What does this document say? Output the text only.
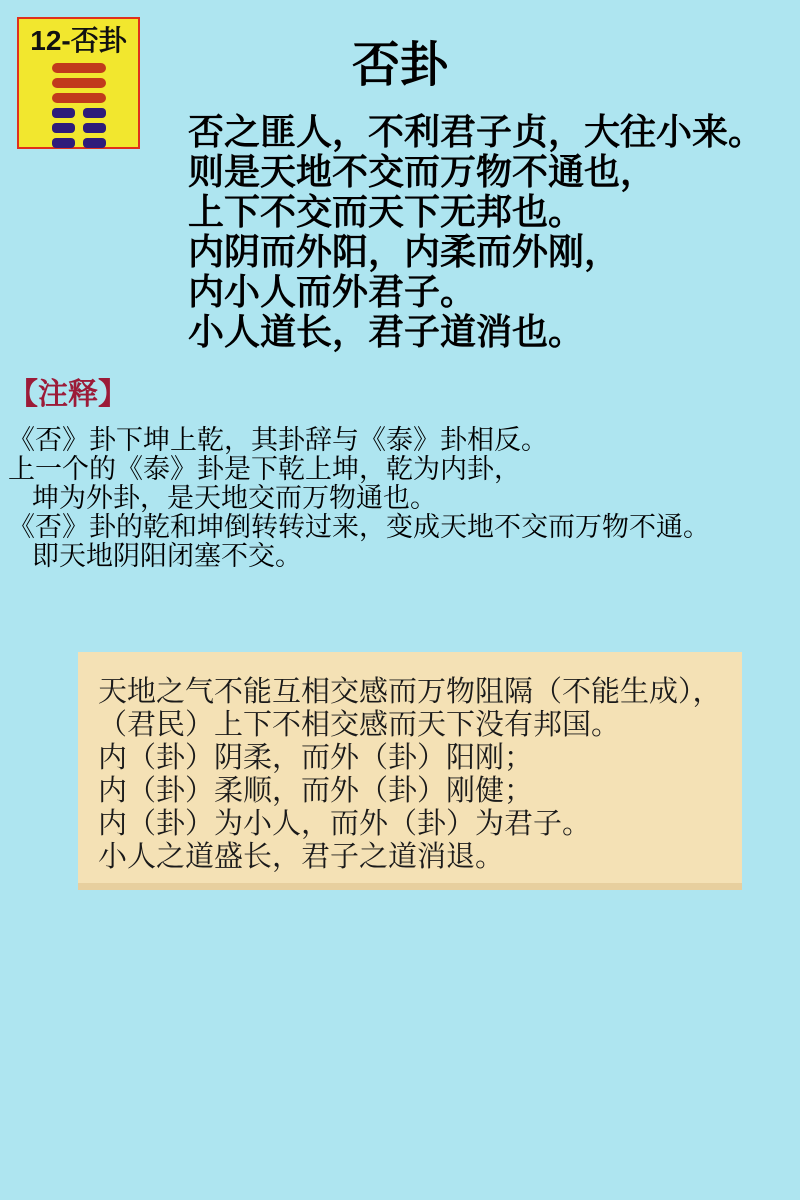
12-否卦	否卦
否之匪人，不利君子贞，大往小来。
则是天地不交而万物不通也，
上下不交而天下无邦也。
内阴而外阳，内柔而外刚，
内小人而外君子。
小人道长，君子道消也。
【注释】
《否》卦下坤上乾，其卦辞与《泰》卦相反。
上一个的《泰》卦是下乾上坤，乾为内卦，
坤为外卦，是天地交而万物通也。
《否》卦的乾和坤倒转转过来，变成天地不交而万物不通。
即天地阴阳闭塞不交。
天地之气不能互相交感而万物阻隔（不能生成），
（君民）上下不相交感而天下没有邦国。
内（卦）阴柔，而外（卦）阳刚；
内（卦）柔顺，而外（卦）刚健；
内（卦）为小人，而外（卦）为君子。
小人之道盛长，君子之道消退。
